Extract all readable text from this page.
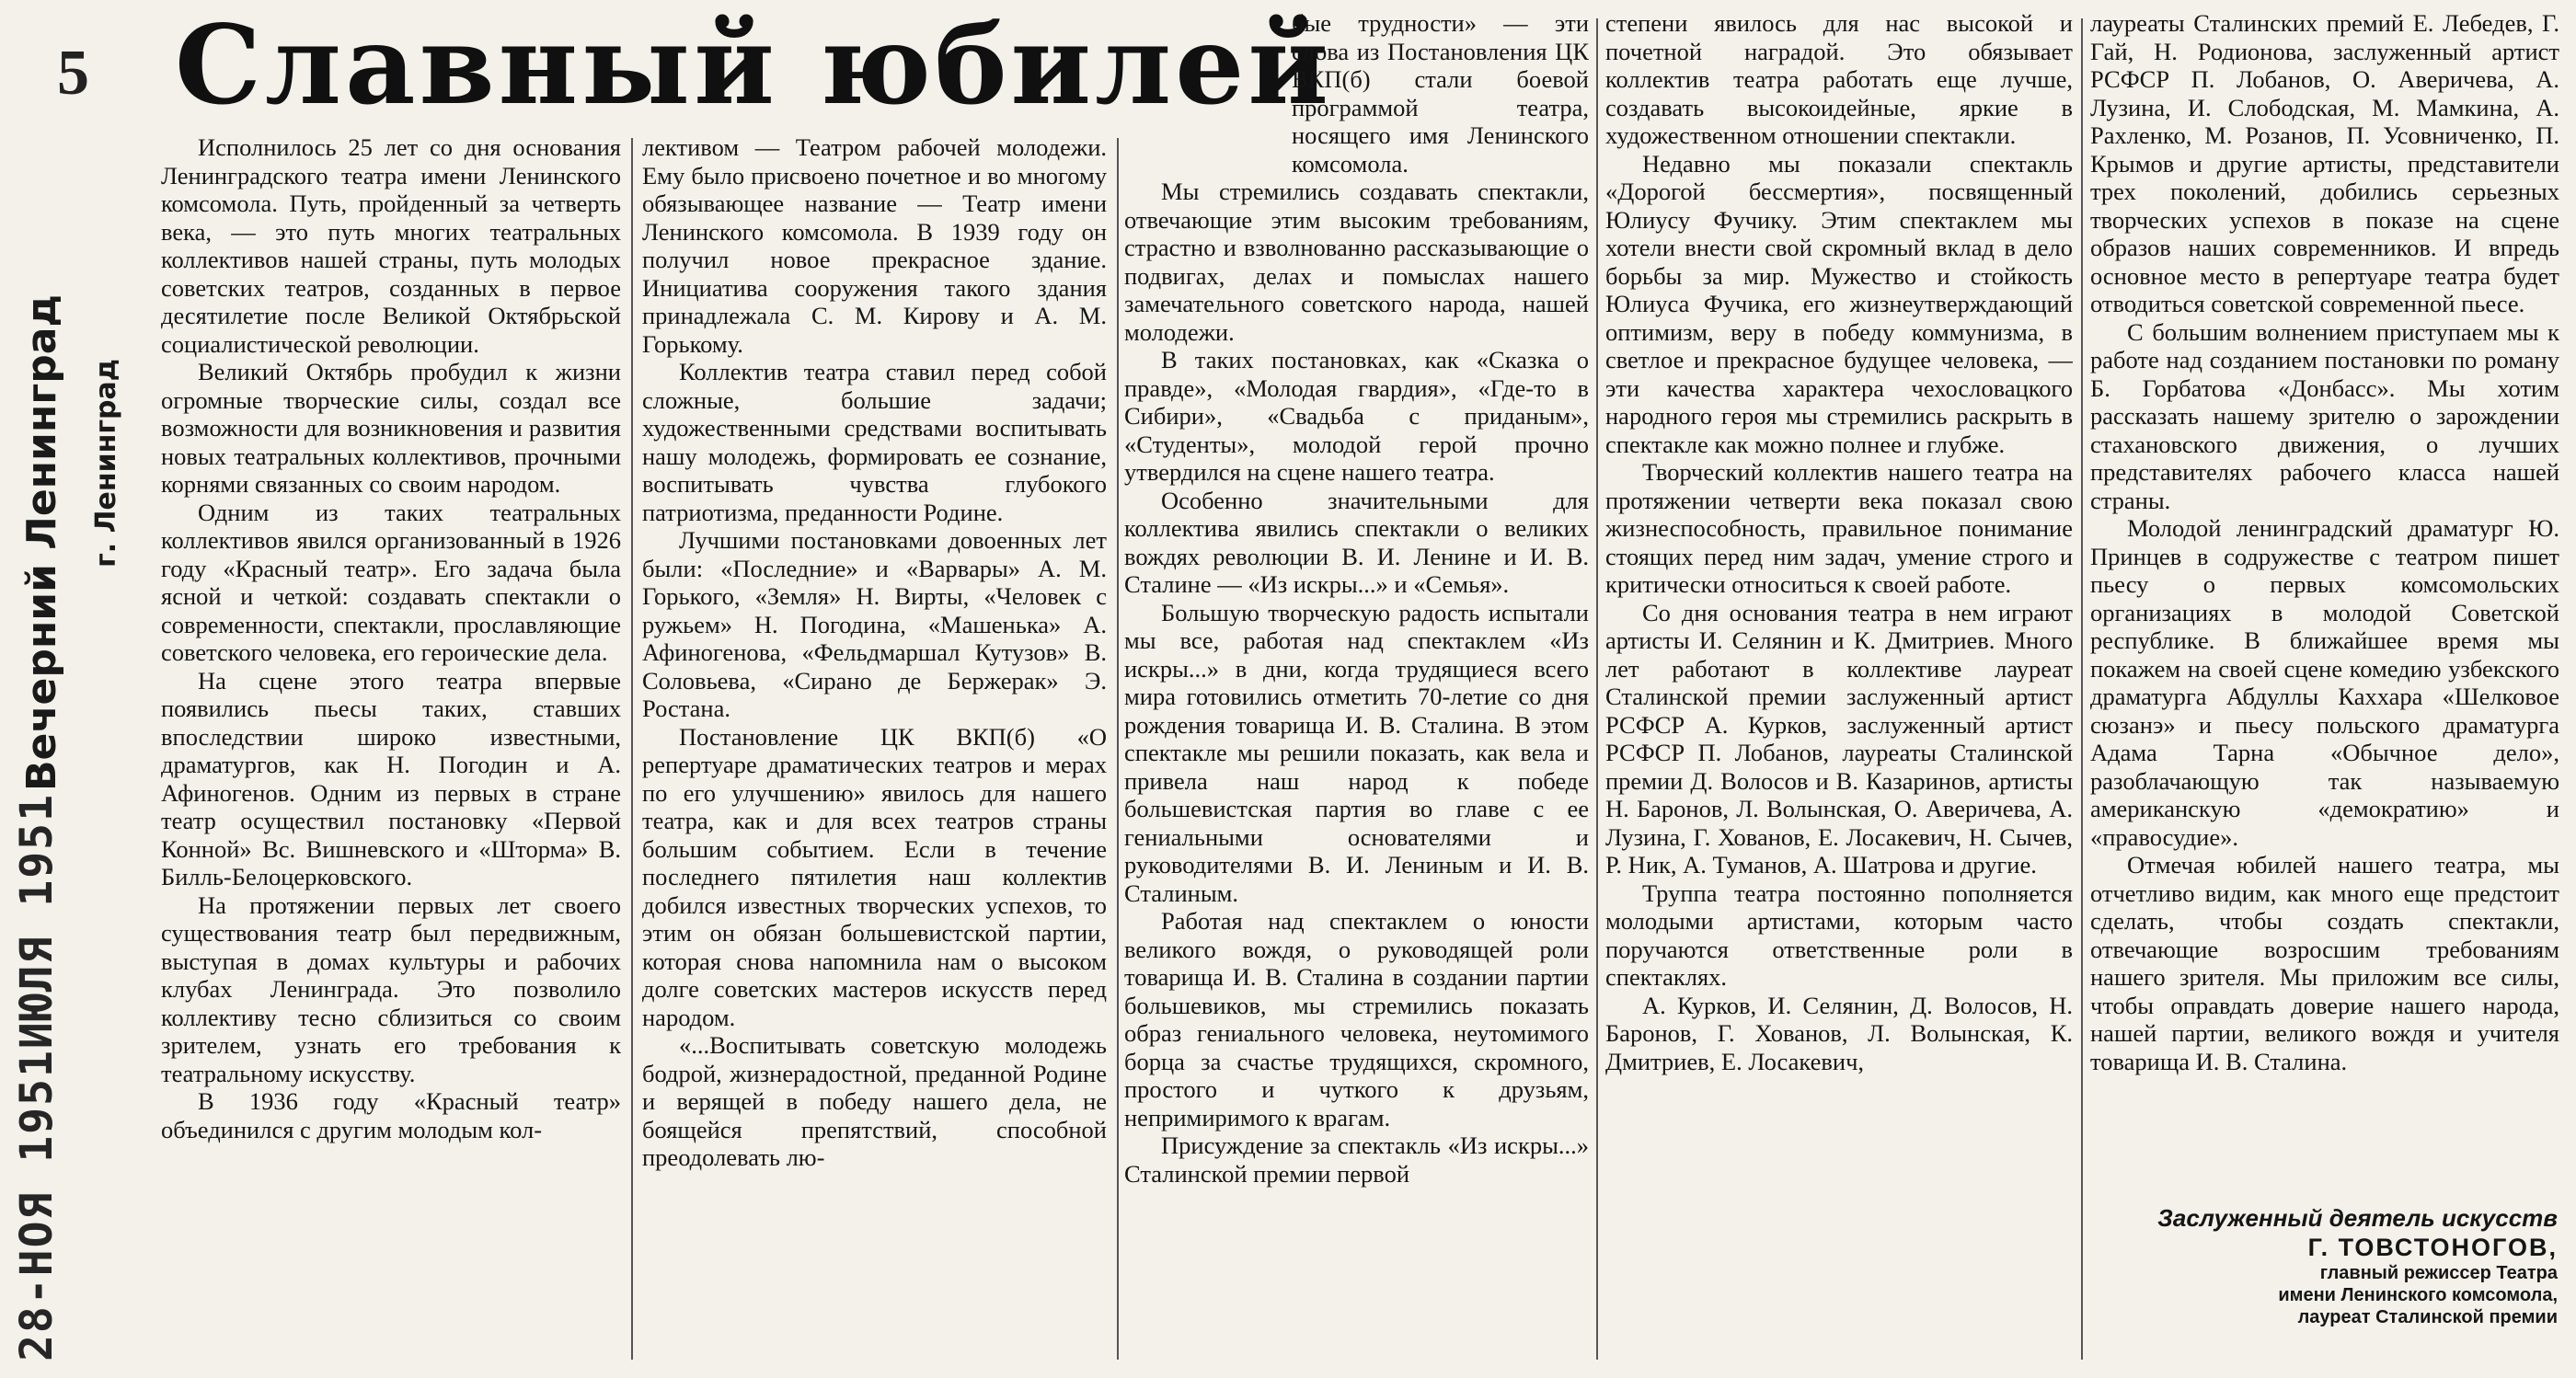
5 Славный юбилей
Вечерний Ленинград г. Ленинград
28-НОЯ 1951ИЮЛЯ 1951

Исполнилось 25 лет со дня основания Ленинградского театра имени Ленинского комсомола. Путь, пройденный за четверть века, — это путь многих театральных коллективов нашей страны, путь молодых советских театров, созданных в первое десятилетие после Великой Октябрьской социалистической революции.

Великий Октябрь пробудил к жизни огромные творческие силы, создал все возможности для возникновения и развития новых театральных коллективов, прочными корнями связанных со своим народом.

Одним из таких театральных коллективов явился организованный в 1926 году «Красный театр». Его задача была ясной и четкой: создавать спектакли о современности, спектакли, прославляющие советского человека, его героические дела.

На сцене этого театра впервые появились пьесы таких, ставших впоследствии широко известными, драматургов, как Н. Погодин и А. Афиногенов. Одним из первых в стране театр осуществил постановку «Первой Конной» Вс. Вишневского и «Шторма» В. Билль-Белоцерковского.

На протяжении первых лет своего существования театр был передвижным, выступая в домах культуры и рабочих клубах Ленинграда. Это позволило коллективу тесно сблизиться со своим зрителем, узнать его требования к театральному искусству.

В 1936 году «Красный театр» объединился с другим молодым кол-

лективом — Театром рабочей молодежи. Ему было присвоено почетное и во многому обязывающее название — Театр имени Ленинского комсомола. В 1939 году он получил новое прекрасное здание. Инициатива сооружения такого здания принадлежала С. М. Кирову и А. М. Горькому.

Коллектив театра ставил перед собой сложные, большие задачи; художественными средствами воспитывать нашу молодежь, формировать ее сознание, воспитывать чувства глубокого патриотизма, преданности Родине.

Лучшими постановками довоенных лет были: «Последние» и «Варвары» А. М. Горького, «Земля» Н. Вирты, «Человек с ружьем» Н. Погодина, «Машенька» А. Афиногенова, «Фельдмаршал Кутузов» В. Соловьева, «Сирано де Бержерак» Э. Ростана.

Постановление ЦК ВКП(б) «О репертуаре драматических театров и мерах по его улучшению» явилось для нашего театра, как и для всех театров страны большим событием. Если в течение последнего пятилетия наш коллектив добился известных творческих успехов, то этим он обязан большевистской партии, которая снова напомнила нам о высоком долге советских мастеров искусств перед народом.

«...Воспитывать советскую молодежь бодрой, жизнерадостной, преданной Родине и верящей в победу нашего дела, не боящейся препятствий, способной преодолевать лю-

бые трудности» — эти слова из Постановления ЦК ВКП(б) стали боевой программой театра, носящего имя Ленинского комсомола.

Мы стремились создавать спектакли, отвечающие этим высоким требованиям, страстно и взволнованно рассказывающие о подвигах, делах и помыслах нашего замечательного советского народа, нашей молодежи.

В таких постановках, как «Сказка о правде», «Молодая гвардия», «Где-то в Сибири», «Свадьба с приданым», «Студенты», молодой герой прочно утвердился на сцене нашего театра.

Особенно значительными для коллектива явились спектакли о великих вождях революции В. И. Ленине и И. В. Сталине — «Из искры...» и «Семья».

Большую творческую радость испытали мы все, работая над спектаклем «Из искры...» в дни, когда трудящиеся всего мира готовились отметить 70-летие со дня рождения товарища И. В. Сталина. В этом спектакле мы решили показать, как вела и привела наш народ к победе большевистская партия во главе с ее гениальными основателями и руководителями В. И. Лениным и И. В. Сталиным.

Работая над спектаклем о юности великого вождя, о руководящей роли товарища И. В. Сталина в создании партии большевиков, мы стремились показать образ гениального человека, неутомимого борца за счастье трудящихся, скромного, простого и чуткого к друзьям, непримиримого к врагам.

Присуждение за спектакль «Из искры...» Сталинской премии первой

степени явилось для нас высокой и почетной наградой. Это обязывает коллектив театра работать еще лучше, создавать высокоидейные, яркие в художественном отношении спектакли.

Недавно мы показали спектакль «Дорогой бессмертия», посвященный Юлиусу Фучику. Этим спектаклем мы хотели внести свой скромный вклад в дело борьбы за мир. Мужество и стойкость Юлиуса Фучика, его жизнеутверждающий оптимизм, веру в победу коммунизма, в светлое и прекрасное будущее человека, — эти качества характера чехословацкого народного героя мы стремились раскрыть в спектакле как можно полнее и глубже.

Творческий коллектив нашего театра на протяжении четверти века показал свою жизнеспособность, правильное понимание стоящих перед ним задач, умение строго и критически относиться к своей работе.

Со дня основания театра в нем играют артисты И. Селянин и К. Дмитриев. Много лет работают в коллективе лауреат Сталинской премии заслуженный артист РСФСР А. Курков, заслуженный артист РСФСР П. Лобанов, лауреаты Сталинской премии Д. Волосов и В. Казаринов, артисты Н. Баронов, Л. Волынская, О. Аверичева, А. Лузина, Г. Хованов, Е. Лосакевич, Н. Сычев, Р. Ник, А. Туманов, А. Шатрова и другие.

Труппа театра постоянно пополняется молодыми артистами, которым часто поручаются ответственные роли в спектаклях.

А. Курков, И. Селянин, Д. Волосов, Н. Баронов, Г. Хованов, Л. Волынская, К. Дмитриев, Е. Лосакевич,

лауреаты Сталинских премий Е. Лебедев, Г. Гай, Н. Родионова, заслуженный артист РСФСР П. Лобанов, О. Аверичева, А. Лузина, И. Слободская, М. Мамкина, А. Рахленко, М. Розанов, П. Усовниченко, П. Крымов и другие артисты, представители трех поколений, добились серьезных творческих успехов в показе на сцене образов наших современников. И впредь основное место в репертуаре театра будет отводиться советской современной пьесе.

С большим волнением приступаем мы к работе над созданием постановки по роману Б. Горбатова «Донбасс». Мы хотим рассказать нашему зрителю о зарождении стахановского движения, о лучших представителях рабочего класса нашей страны.

Молодой ленинградский драматург Ю. Принцев в содружестве с театром пишет пьесу о первых комсомольских организациях в молодой Советской республике. В ближайшее время мы покажем на своей сцене комедию узбекского драматурга Абдуллы Каххара «Шелковое сюзанэ» и пьесу польского драматурга Адама Тарна «Обычное дело», разоблачающую так называемую американскую «демократию» и «правосудие».

Отмечая юбилей нашего театра, мы отчетливо видим, как много еще предстоит сделать, чтобы создать спектакли, отвечающие возросшим требованиям нашего зрителя. Мы приложим все силы, чтобы оправдать доверие нашего народа, нашей партии, великого вождя и учителя товарища И. В. Сталина.

Заслуженный деятель искусств
Г. ТОВСТОНОГОВ,
главный режиссер Театра
имени Ленинского комсомола,
лауреат Сталинской премии
